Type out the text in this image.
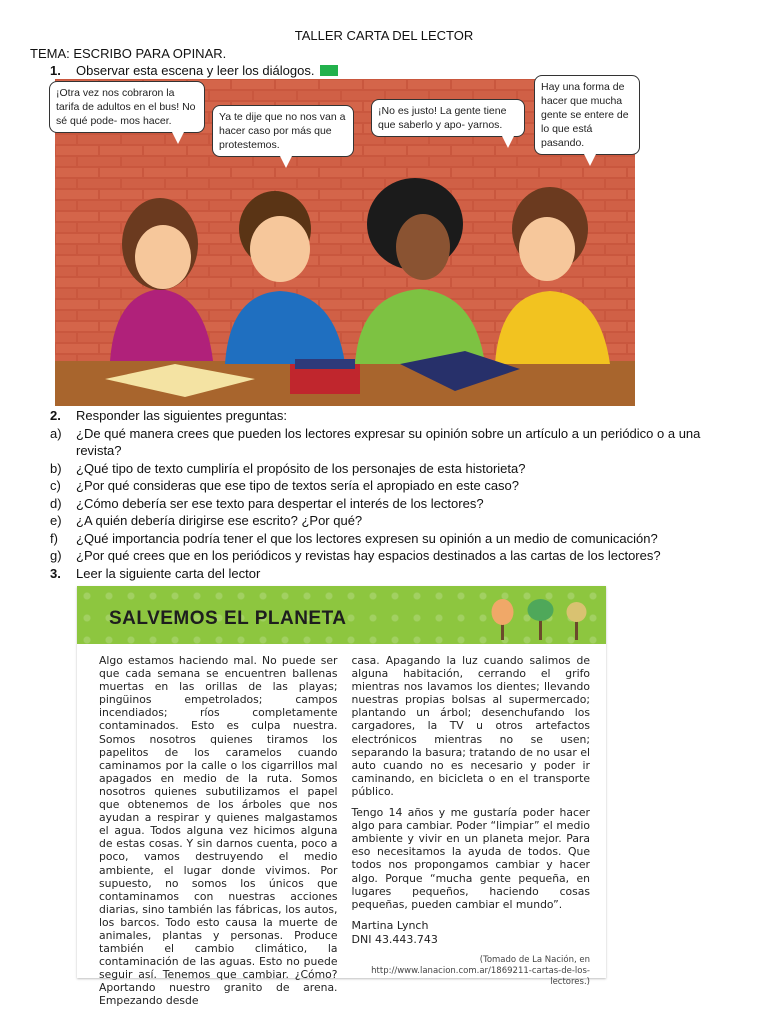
TALLER CARTA DEL LECTOR
TEMA: ESCRIBO PARA OPINAR.
1.	Observar esta escena y leer los diálogos.
¡Otra vez nos cobraron la tarifa de adultos en el bus! No sé qué pode- mos hacer.	Ya te dije que no nos van a hacer caso por más que protestemos.
¡No es justo! La gente tiene que saberlo y apo- yarnos.
Hay una forma de hacer que mucha gente se entere de lo que está pasando.
2.	Responder las siguientes preguntas:
a)	¿De qué manera crees que pueden los lectores expresar su opinión sobre un artículo a un periódico o a una revista?
b)	¿Qué tipo de texto cumpliría el propósito de los personajes de esta historieta?
c)	¿Por qué consideras que ese tipo de textos sería el apropiado en este caso?
d)	¿Cómo debería ser ese texto para despertar el interés de los lectores?
e)	¿A quién debería dirigirse ese escrito? ¿Por qué?
f)	¿Qué importancia podría tener el que los lectores expresen su opinión a un medio de comunicación?
g)	¿Por qué crees que en los periódicos y revistas hay espacios destinados a las cartas de los lectores?
3.	Leer la siguiente carta del lector
SALVEMOS EL PLANETA

Algo estamos haciendo mal. No puede ser que cada semana se encuentren ballenas muertas en las orillas de las playas; pingüinos empetrolados; campos incendiados; ríos completamente contaminados. Esto es culpa nuestra. Somos nosotros quienes tiramos los papelitos de los caramelos cuando caminamos por la calle o los cigarrillos mal apagados en medio de la ruta. Somos nosotros quienes subutilizamos el papel que obtenemos de los árboles que nos ayudan a respirar y quienes malgastamos el agua. Todos alguna vez hicimos alguna de estas cosas. Y sin darnos cuenta, poco a poco, vamos destruyendo el medio ambiente, el lugar donde vivimos. Por supuesto, no somos los únicos que contaminamos con nuestras acciones diarias, sino también las fábricas, los autos, los barcos. Todo esto causa la muerte de animales, plantas y personas. Produce también el cambio climático, la contaminación de las aguas. Esto no puede seguir así. Tenemos que cambiar. ¿Cómo? Aportando nuestro granito de arena. Empezando desde

casa. Apagando la luz cuando salimos de alguna habitación, cerrando el grifo mientras nos lavamos los dientes; llevando nuestras propias bolsas al supermercado; plantando un árbol; desenchufando los cargadores, la TV u otros artefactos electrónicos mientras no se usen; separando la basura; tratando de no usar el auto cuando no es necesario y poder ir caminando, en bicicleta o en el transporte público.

Tengo 14 años y me gustaría poder hacer algo para cambiar. Poder “limpiar” el medio ambiente y vivir en un planeta mejor. Para eso necesitamos la ayuda de todos. Que todos nos propongamos cambiar y hacer algo. Porque “mucha gente pequeña, en lugares pequeños, haciendo cosas pequeñas, pueden cambiar el mundo”.

Martina Lynch
DNI 43.443.743
(Tomado de La Nación, en http://www.lanacion.com.ar/1869211-cartas-de-los-lectores.)
